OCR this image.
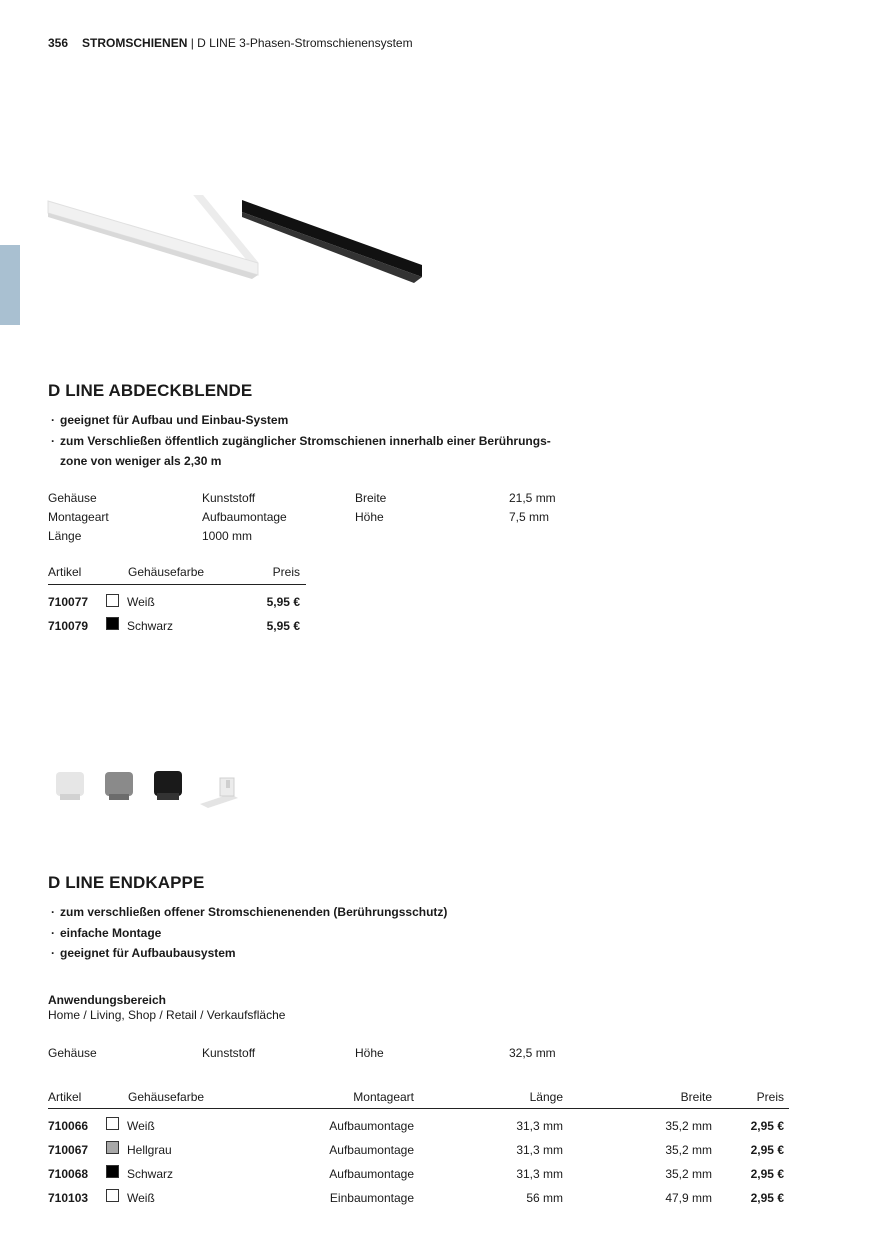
356 STROMSCHIENEN | D LINE 3-Phasen-Stromschienensystem
D LINE ABDECKBLENDE
· geeignet für Aufbau und Einbau-System
· zum Verschließen öffentlich zugänglicher Stromschienen innerhalb einer Berührungs-
zone von weniger als 2,30 m
Gehäuse	Kunststoff	Breite	21,5 mm
Montageart	Aufbaumontage	Höhe	7,5 mm
Länge	1000 mm
Artikel	Gehäusefarbe	Preis
710077	Weiß	5,95 €
710079	Schwarz	5,95 €
D LINE ENDKAPPE
· zum verschließen offener Stromschienenenden (Berührungsschutz)
· einfache Montage
· geeignet für Aufbaubausystem
Anwendungsbereich
Home / Living, Shop / Retail / Verkaufsfläche
Gehäuse	Kunststoff	Höhe	32,5 mm
Artikel	Gehäusefarbe	Montageart	Länge	Breite	Preis
710066	Weiß	Aufbaumontage	31,3 mm	35,2 mm	2,95 €
710067	Hellgrau	Aufbaumontage	31,3 mm	35,2 mm	2,95 €
710068	Schwarz	Aufbaumontage	31,3 mm	35,2 mm	2,95 €
710103	Weiß	Einbaumontage	56 mm	47,9 mm	2,95 €
